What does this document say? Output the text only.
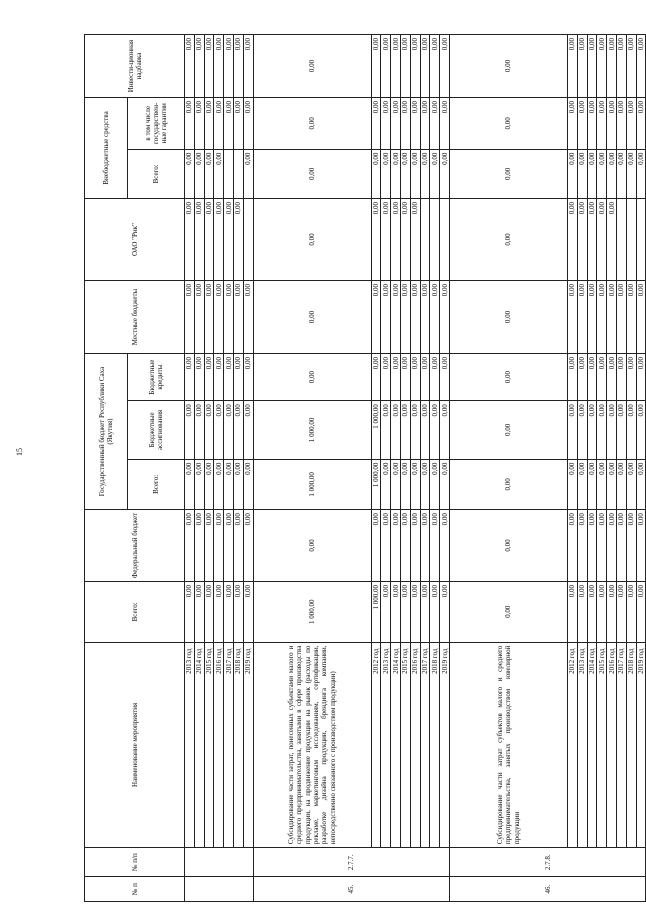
15
№ п	№ п/п	Наименование мероприятия	Всего:	Федеральный бюджет	Государственный бюджет Республики Саха (Якутия)			Местные бюджеты	ОАО "Рик"	Внебюджетные средства		Инвести-ционная надбавка
					Всего:	Бюджетные ассигнования	Бюджетные кредиты					
										Всего:	в том числе государствен-ные гарантии	
		2013 год	0,00	0,00	0,00	0,00	0,00	0,00	0,00	0,00	0,00	0,00
		2014 год	0,00	0,00	0,00	0,00	0,00	0,00	0,00	0,00	0,00	0,00
		2015 год	0,00	0,00	0,00	0,00	0,00	0,00	0,00	0,00	0,00	0,00
		2016 год	0,00	0,00	0,00	0,00	0,00	0,00	0,00	0,00	0,00	0,00
		2017 год	0,00	0,00	0,00	0,00	0,00	0,00	0,00		0,00	0,00
		2018 год	0,00	0,00	0,00	0,00	0,00	0,00	0,00		0,00	0,00
		2019 год	0,00	0,00	0,00	0,00	0,00	0,00		0,00	0,00	0,00
45.	2.7.7.	Субсидирование части затрат, понесенных субъектами малого и среднего предпринимательства, занятыми в сфере производства продукции, на продвижение продукции на рынок (расходы по рекламе, маркетинговым исследованиям, сертификации, разработке дизайна продукции, брендинга компании, непосредственно связанного с производством продукции)	1 000,00	0,00	1 000,00	1 000,00	0,00	0,00	0,00	0,00	0,00	0,00
		2012 год	1 000,00	0,00	1 000,00	1 000,00	0,00	0,00	0,00	0,00	0,00	0,00
		2013 год	0,00	0,00	0,00	0,00	0,00	0,00	0,00	0,00	0,00	0,00
		2014 год	0,00	0,00	0,00	0,00	0,00	0,00	0,00	0,00	0,00	0,00
		2015 год	0,00	0,00	0,00	0,00	0,00	0,00	0,00	0,00	0,00	0,00
		2016 год	0,00	0,00	0,00	0,00	0,00	0,00	0,00	0,00	0,00	0,00
		2017 год	0,00	0,00	0,00	0,00	0,00	0,00		0,00	0,00	0,00
		2018 год	0,00	0,00	0,00	0,00	0,00	0,00		0,00	0,00	0,00
		2019 год	0,00	0,00	0,00	0,00	0,00	0,00		0,00	0,00	0,00
46.	2.7.8.	Субсидирование части затрат субъектов малого и среднего предпринимательства, занятых производством ювелирной продукции	0,00	0,00	0,00	0,00	0,00	0,00	0,00	0,00	0,00	0,00
		2012 год	0,00	0,00	0,00	0,00	0,00	0,00	0,00	0,00	0,00	0,00
		2013 год	0,00	0,00	0,00	0,00	0,00	0,00	0,00	0,00	0,00	0,00
		2014 год	0,00	0,00	0,00	0,00	0,00	0,00	0,00	0,00	0,00	0,00
		2015 год	0,00	0,00	0,00	0,00	0,00	0,00	0,00	0,00	0,00	0,00
		2016 год	0,00	0,00	0,00	0,00	0,00	0,00	0,00	0,00	0,00	0,00
		2017 год	0,00	0,00	0,00	0,00	0,00	0,00		0,00	0,00	0,00
		2018 год	0,00	0,00	0,00	0,00	0,00	0,00		0,00	0,00	0,00
		2019 год	0,00	0,00	0,00	0,00	0,00	0,00		0,00	0,00	0,00
